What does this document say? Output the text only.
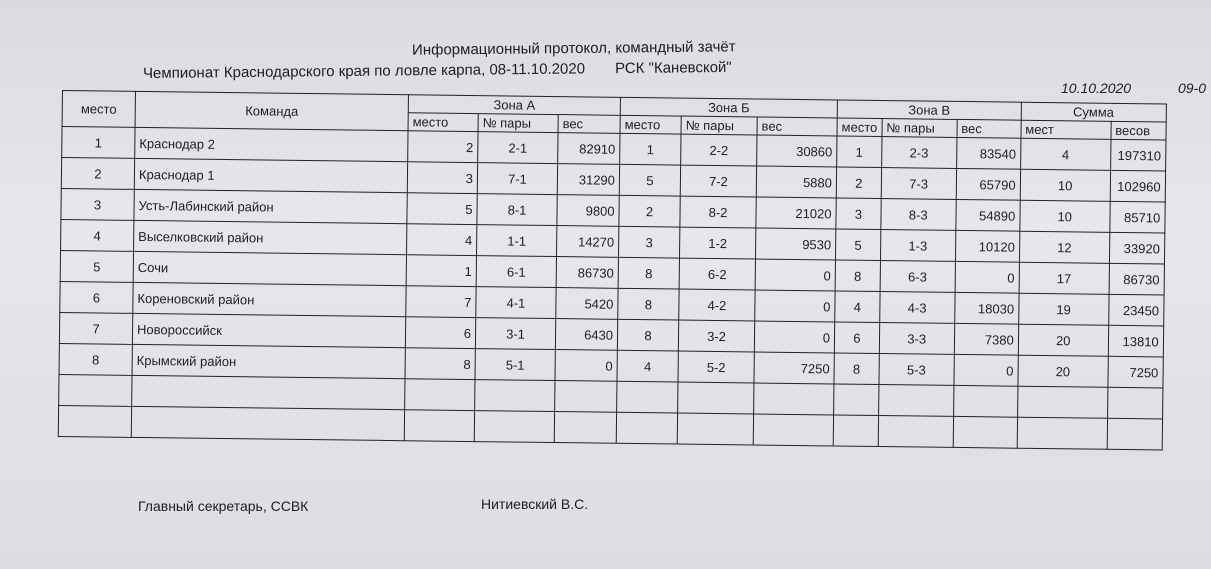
Информационный протокол, командный зачёт
Чемпионат Краснодарского края по ловле карпа, 08-11.10.2020 РСК "Каневской"
10.10.2020	09-0
место	Команда	Зона А			Зона Б			Зона В			Сумма	
		место	№ пары	вес	место	№ пары	вес	место	№ пары	вес	мест	весов
1	Краснодар 2	2	2-1	82910	1	2-2	30860	1	2-3	83540	4	197310
2	Краснодар 1	3	7-1	31290	5	7-2	5880	2	7-3	65790	10	102960
3	Усть-Лабинский район	5	8-1	9800	2	8-2	21020	3	8-3	54890	10	85710
4	Выселковский район	4	1-1	14270	3	1-2	9530	5	1-3	10120	12	33920
5	Сочи	1	6-1	86730	8	6-2	0	8	6-3	0	17	86730
6	Кореновский район	7	4-1	5420	8	4-2	0	4	4-3	18030	19	23450
7	Новороссийск	6	3-1	6430	8	3-2	0	6	3-3	7380	20	13810
8	Крымский район	8	5-1	0	4	5-2	7250	8	5-3	0	20	7250

Главный секретарь, ССВК	Нитиевский В.С.
